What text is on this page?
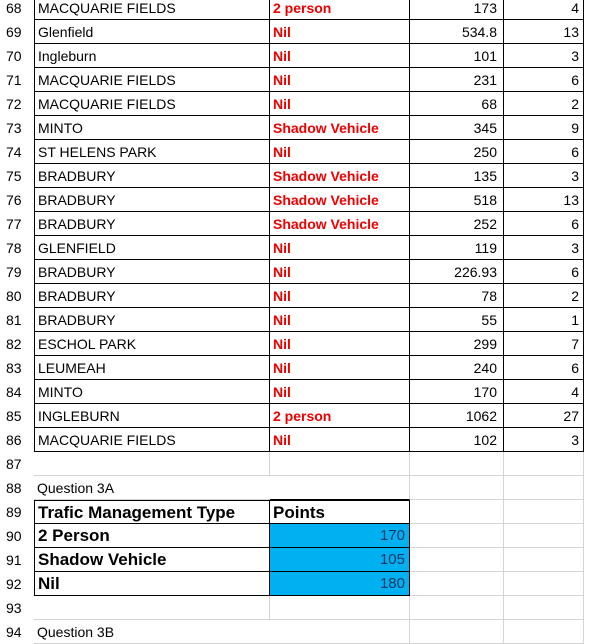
68	MACQUARIE FIELDS	2 person	173	4
69	Glenfield	Nil	534.8	13
70	Ingleburn	Nil	101	3
71	MACQUARIE FIELDS	Nil	231	6
72	MACQUARIE FIELDS	Nil	68	2
73	MINTO	Shadow Vehicle	345	9
74	ST HELENS PARK	Nil	250	6
75	BRADBURY	Shadow Vehicle	135	3
76	BRADBURY	Shadow Vehicle	518	13
77	BRADBURY	Shadow Vehicle	252	6
78	GLENFIELD	Nil	119	3
79	BRADBURY	Nil	226.93	6
80	BRADBURY	Nil	78	2
81	BRADBURY	Nil	55	1
82	ESCHOL PARK	Nil	299	7
83	LEUMEAH	Nil	240	6
84	MINTO	Nil	170	4
85	INGLEBURN	2 person	1062	27
86	MACQUARIE FIELDS	Nil	102	3
87
88	Question 3A
89 Trafic Management Type	Points
90 2 Person	170
91 Shadow Vehicle	105
92 Nil	180
93
94	Question 3B
